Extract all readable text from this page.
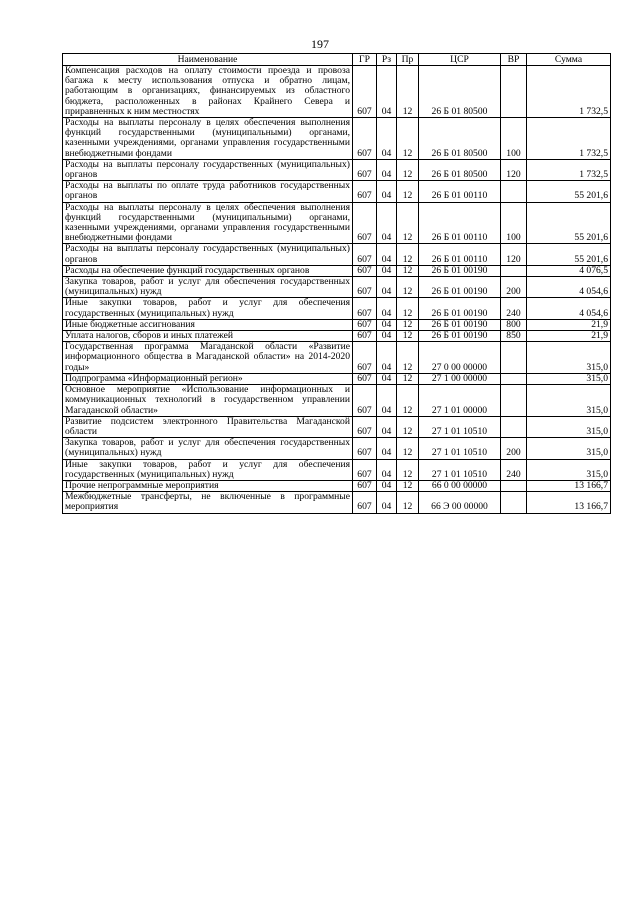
197
Наименование	ГР	Рз	Пр	ЦСР	ВР	Сумма
Компенсация расходов на оплату стоимости проезда и провоза багажа к месту использования отпуска и обратно лицам, работающим в организациях, финансируемых из областного бюджета, расположенных в районах Крайнего Севера и приравненных к ним местностях	607	04	12	26 Б 01 80500		1 732,5
Расходы на выплаты персоналу в целях обеспечения выполнения функций государственными (муниципальными) органами, казенными учреждениями, органами управления государственными внебюджетными фондами	607	04	12	26 Б 01 80500	100	1 732,5
Расходы на выплаты персоналу государственных (муниципальных) органов	607	04	12	26 Б 01 80500	120	1 732,5
Расходы на выплаты по оплате труда работников государственных органов	607	04	12	26 Б 01 00110		55 201,6
Расходы на выплаты персоналу в целях обеспечения выполнения функций государственными (муниципальными) органами, казенными учреждениями, органами управления государственными внебюджетными фондами	607	04	12	26 Б 01 00110	100	55 201,6
Расходы на выплаты персоналу государственных (муниципальных) органов	607	04	12	26 Б 01 00110	120	55 201,6
Расходы на обеспечение функций государственных органов	607	04	12	26 Б 01 00190		4 076,5
Закупка товаров, работ и услуг для обеспечения государственных (муниципальных) нужд	607	04	12	26 Б 01 00190	200	4 054,6
Иные закупки товаров, работ и услуг для обеспечения государственных (муниципальных) нужд	607	04	12	26 Б 01 00190	240	4 054,6
Иные бюджетные ассигнования	607	04	12	26 Б 01 00190	800	21,9
Уплата налогов, сборов и иных платежей	607	04	12	26 Б 01 00190	850	21,9
Государственная программа Магаданской области «Развитие информационного общества в Магаданской области» на 2014-2020 годы»	607	04	12	27 0 00 00000		315,0
Подпрограмма «Информационный регион»	607	04	12	27 1 00 00000		315,0
Основное мероприятие «Использование информационных и коммуникационных технологий в государственном управлении Магаданской области»	607	04	12	27 1 01 00000		315,0
Развитие подсистем электронного Правительства Магаданской области	607	04	12	27 1 01 10510		315,0
Закупка товаров, работ и услуг для обеспечения государственных (муниципальных) нужд	607	04	12	27 1 01 10510	200	315,0
Иные закупки товаров, работ и услуг для обеспечения государственных (муниципальных) нужд	607	04	12	27 1 01 10510	240	315,0
Прочие непрограммные мероприятия	607	04	12	66 0 00 00000		13 166,7
Межбюджетные трансферты, не включенные в программные мероприятия	607	04	12	66 Э 00 00000		13 166,7
